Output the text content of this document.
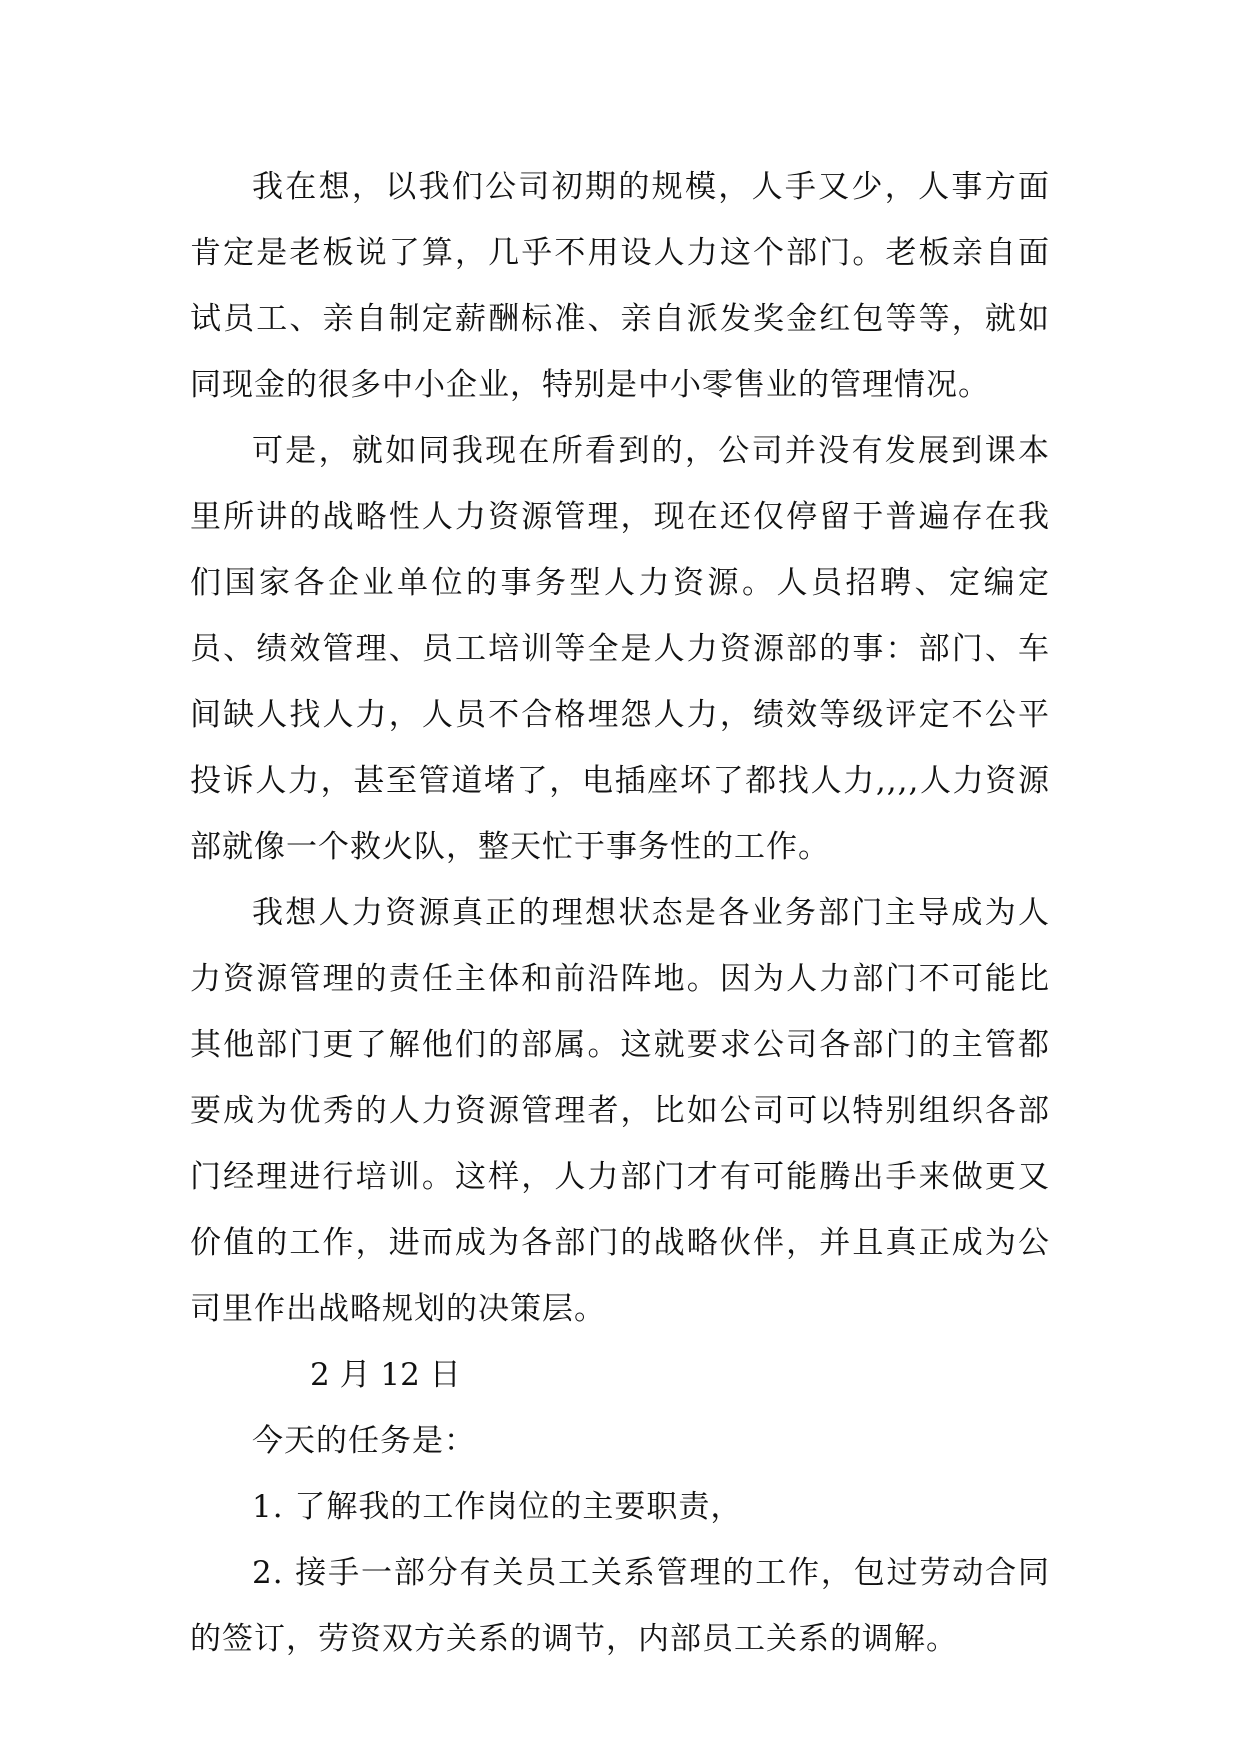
我在想，以我们公司初期的规模，人手又少，人事方面肯定是老板说了算，几乎不用设人力这个部门。老板亲自面试员工、亲自制定薪酬标准、亲自派发奖金红包等等，就如同现金的很多中小企业，特别是中小零售业的管理情况。

可是，就如同我现在所看到的，公司并没有发展到课本里所讲的战略性人力资源管理，现在还仅停留于普遍存在我们国家各企业单位的事务型人力资源。人员招聘、定编定员、绩效管理、员工培训等全是人力资源部的事：部门、车间缺人找人力，人员不合格埋怨人力，绩效等级评定不公平投诉人力，甚至管道堵了，电插座坏了都找人力,,,,人力资源部就像一个救火队，整天忙于事务性的工作。

我想人力资源真正的理想状态是各业务部门主导成为人力资源管理的责任主体和前沿阵地。因为人力部门不可能比其他部门更了解他们的部属。这就要求公司各部门的主管都要成为优秀的人力资源管理者，比如公司可以特别组织各部门经理进行培训。这样，人力部门才有可能腾出手来做更又价值的工作，进而成为各部门的战略伙伴，并且真正成为公司里作出战略规划的决策层。

2 月 12 日

今天的任务是：

1. 了解我的工作岗位的主要职责，

2. 接手一部分有关员工关系管理的工作，包过劳动合同的签订，劳资双方关系的调节，内部员工关系的调解。
